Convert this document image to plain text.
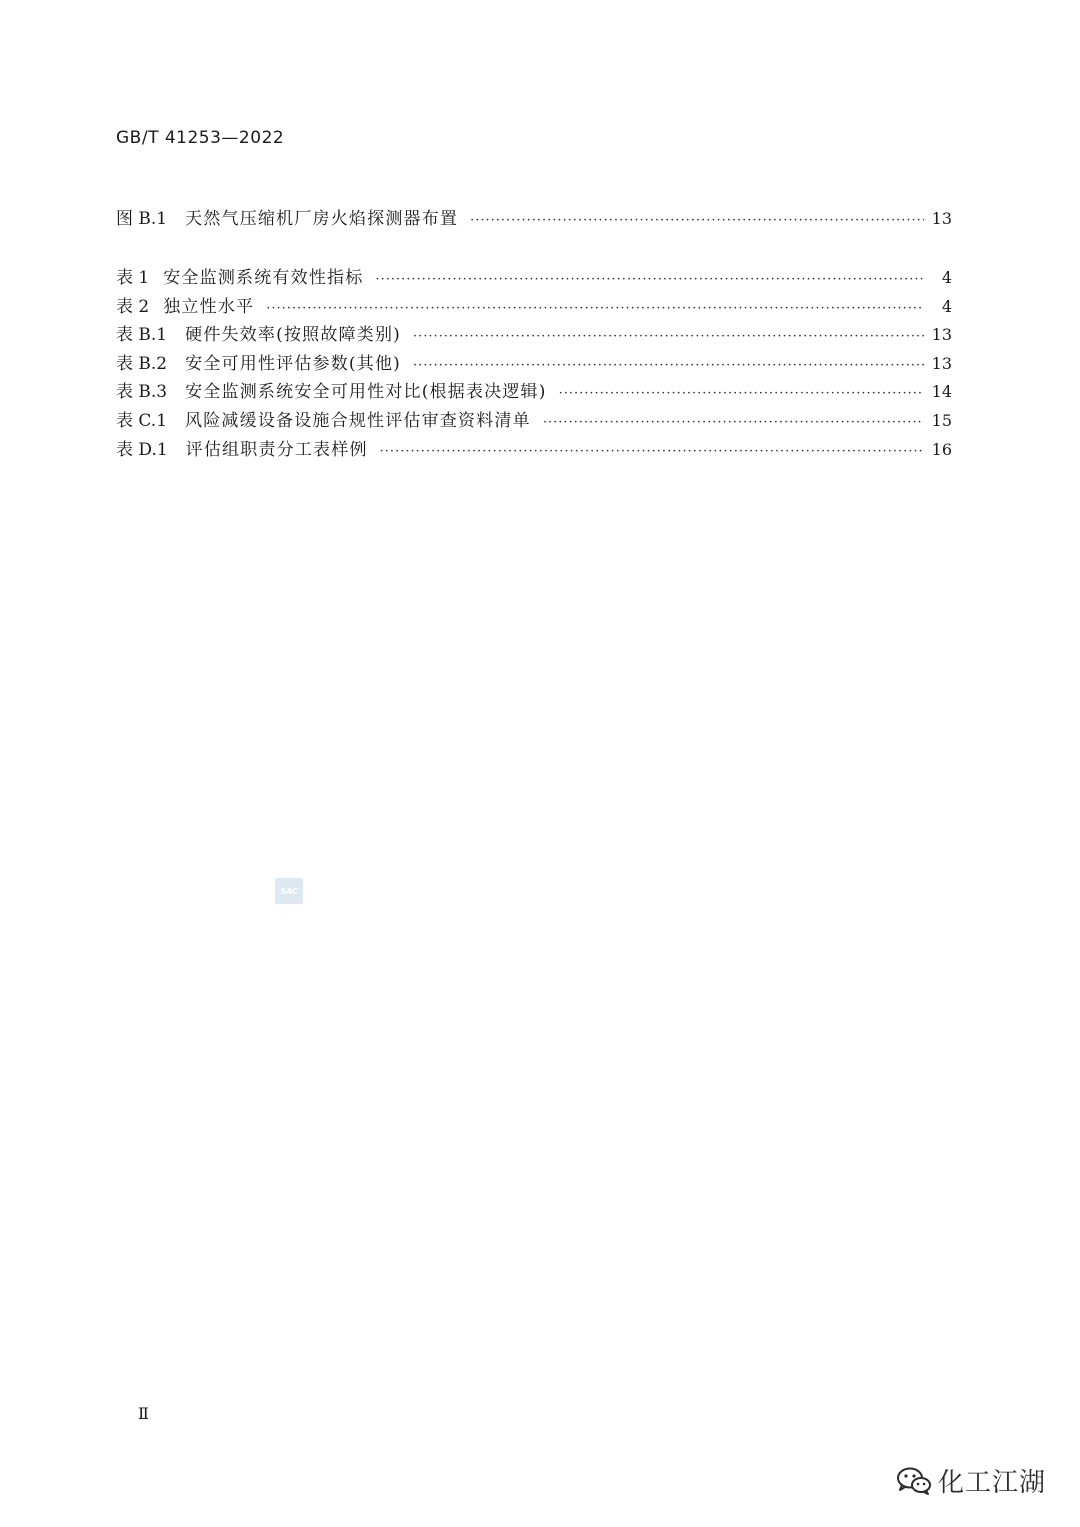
GB/T 41253—2022
图 B.1	天然气压缩机厂房火焰探测器布置 ·····	13
表 1 安全监测系统有效性指标 ·····	4
表 2 独立性水平 ·····	4
表 B.1	硬件失效率(按照故障类别) ·····	13
表 B.2	安全可用性评估参数(其他) ·····	13
表 B.3	安全监测系统安全可用性对比(根据表决逻辑) ·····	14
表 C.1	风险减缓设备设施合规性评估审查资料清单 ·····	15
表 D.1	评估组职责分工表样例 ·····	16
SAC
Ⅱ
化工江湖
